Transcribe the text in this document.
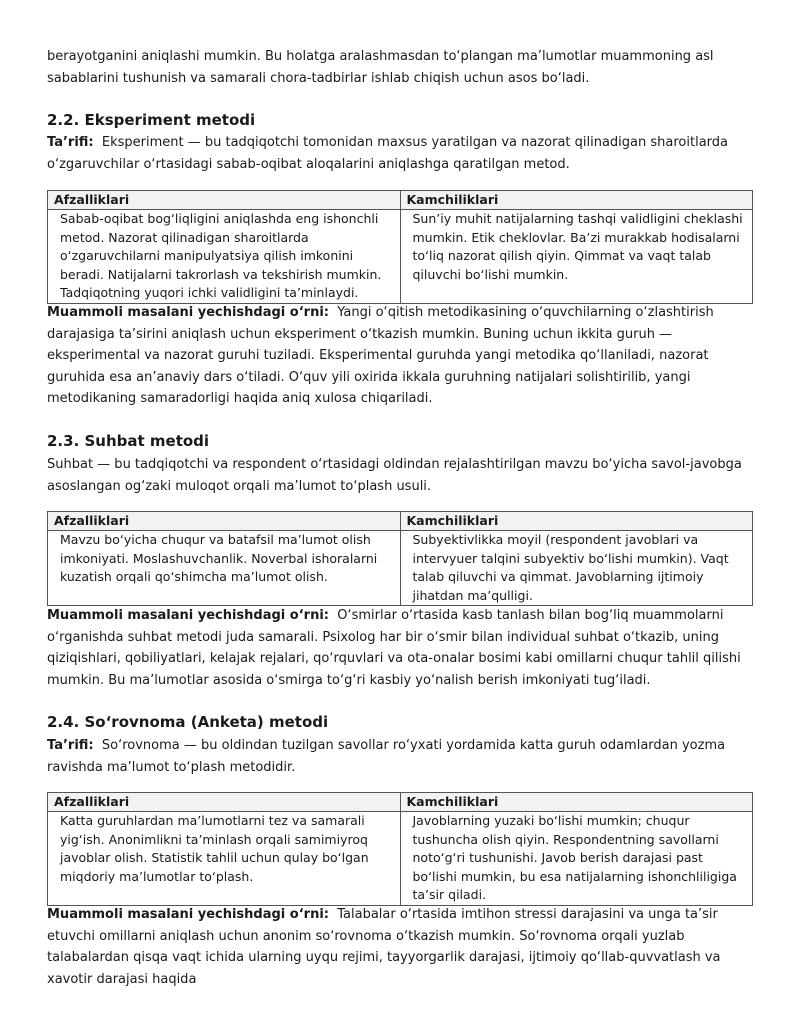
berayotganini aniqlashi mumkin. Bu holatga aralashmasdan to‘plangan ma’lumotlar muammoning asl sabablarini tushunish va samarali chora-tadbirlar ishlab chiqish uchun asos bo‘ladi.

2.2. Eksperiment metodi

Ta’rifi: Eksperiment — bu tadqiqotchi tomonidan maxsus yaratilgan va nazorat qilinadigan sharoitlarda o‘zgaruvchilar o‘rtasidagi sabab-oqibat aloqalarini aniqlashga qaratilgan metod.

Afzalliklari	Kamchiliklari

Sabab-oqibat bog‘liqligini aniqlashda eng ishonchli metod. Nazorat qilinadigan sharoitlarda o‘zgaruvchilarni manipulyatsiya qilish imkonini beradi. Natijalarni takrorlash va tekshirish mumkin. Tadqiqotning yuqori ichki validligini ta’minlaydi.	Sun’iy muhit natijalarning tashqi validligini cheklashi mumkin. Etik cheklovlar. Ba’zi murakkab hodisalarni to‘liq nazorat qilish qiyin. Qimmat va vaqt talab qiluvchi bo‘lishi mumkin.

Muammoli masalani yechishdagi o‘rni: Yangi o‘qitish metodikasining o‘quvchilarning o‘zlashtirish darajasiga ta’sirini aniqlash uchun eksperiment o‘tkazish mumkin. Buning uchun ikkita guruh — eksperimental va nazorat guruhi tuziladi. Eksperimental guruhda yangi metodika qo‘llaniladi, nazorat guruhida esa an’anaviy dars o‘tiladi. O‘quv yili oxirida ikkala guruhning natijalari solishtirilib, yangi metodikaning samaradorligi haqida aniq xulosa chiqariladi.

2.3. Suhbat metodi

Suhbat — bu tadqiqotchi va respondent o‘rtasidagi oldindan rejalashtirilgan mavzu bo‘yicha savol-javobga asoslangan og‘zaki muloqot orqali ma’lumot to‘plash usuli.

Afzalliklari	Kamchiliklari

Mavzu bo‘yicha chuqur va batafsil ma’lumot olish imkoniyati. Moslashuvchanlik. Noverbal ishoralarni kuzatish orqali qo‘shimcha ma’lumot olish.	Subyektivlikka moyil (respondent javoblari va intervyuer talqini subyektiv bo‘lishi mumkin). Vaqt talab qiluvchi va qimmat. Javoblarning ijtimoiy jihatdan ma’qulligi.

Muammoli masalani yechishdagi o‘rni: O‘smirlar o‘rtasida kasb tanlash bilan bog‘liq muammolarni o‘rganishda suhbat metodi juda samarali. Psixolog har bir o‘smir bilan individual suhbat o‘tkazib, uning qiziqishlari, qobiliyatlari, kelajak rejalari, qo‘rquvlari va ota-onalar bosimi kabi omillarni chuqur tahlil qilishi mumkin. Bu ma’lumotlar asosida o‘smirga to‘g‘ri kasbiy yo‘nalish berish imkoniyati tug‘iladi.

2.4. So‘rovnoma (Anketa) metodi

Ta’rifi: So‘rovnoma — bu oldindan tuzilgan savollar ro‘yxati yordamida katta guruh odamlardan yozma ravishda ma’lumot to‘plash metodidir.

Afzalliklari	Kamchiliklari

Katta guruhlardan ma’lumotlarni tez va samarali yig‘ish. Anonimlikni ta’minlash orqali samimiyroq javoblar olish. Statistik tahlil uchun qulay bo‘lgan miqdoriy ma’lumotlar to‘plash.	Javoblarning yuzaki bo‘lishi mumkin; chuqur tushuncha olish qiyin. Respondentning savollarni noto‘g‘ri tushunishi. Javob berish darajasi past bo‘lishi mumkin, bu esa natijalarning ishonchliligiga ta’sir qiladi.

Muammoli masalani yechishdagi o‘rni: Talabalar o‘rtasida imtihon stressi darajasini va unga ta’sir etuvchi omillarni aniqlash uchun anonim so‘rovnoma o‘tkazish mumkin. So‘rovnoma orqali yuzlab talabalardan qisqa vaqt ichida ularning uyqu rejimi, tayyorgarlik darajasi, ijtimoiy qo‘llab-quvvatlash va xavotir darajasi haqida
